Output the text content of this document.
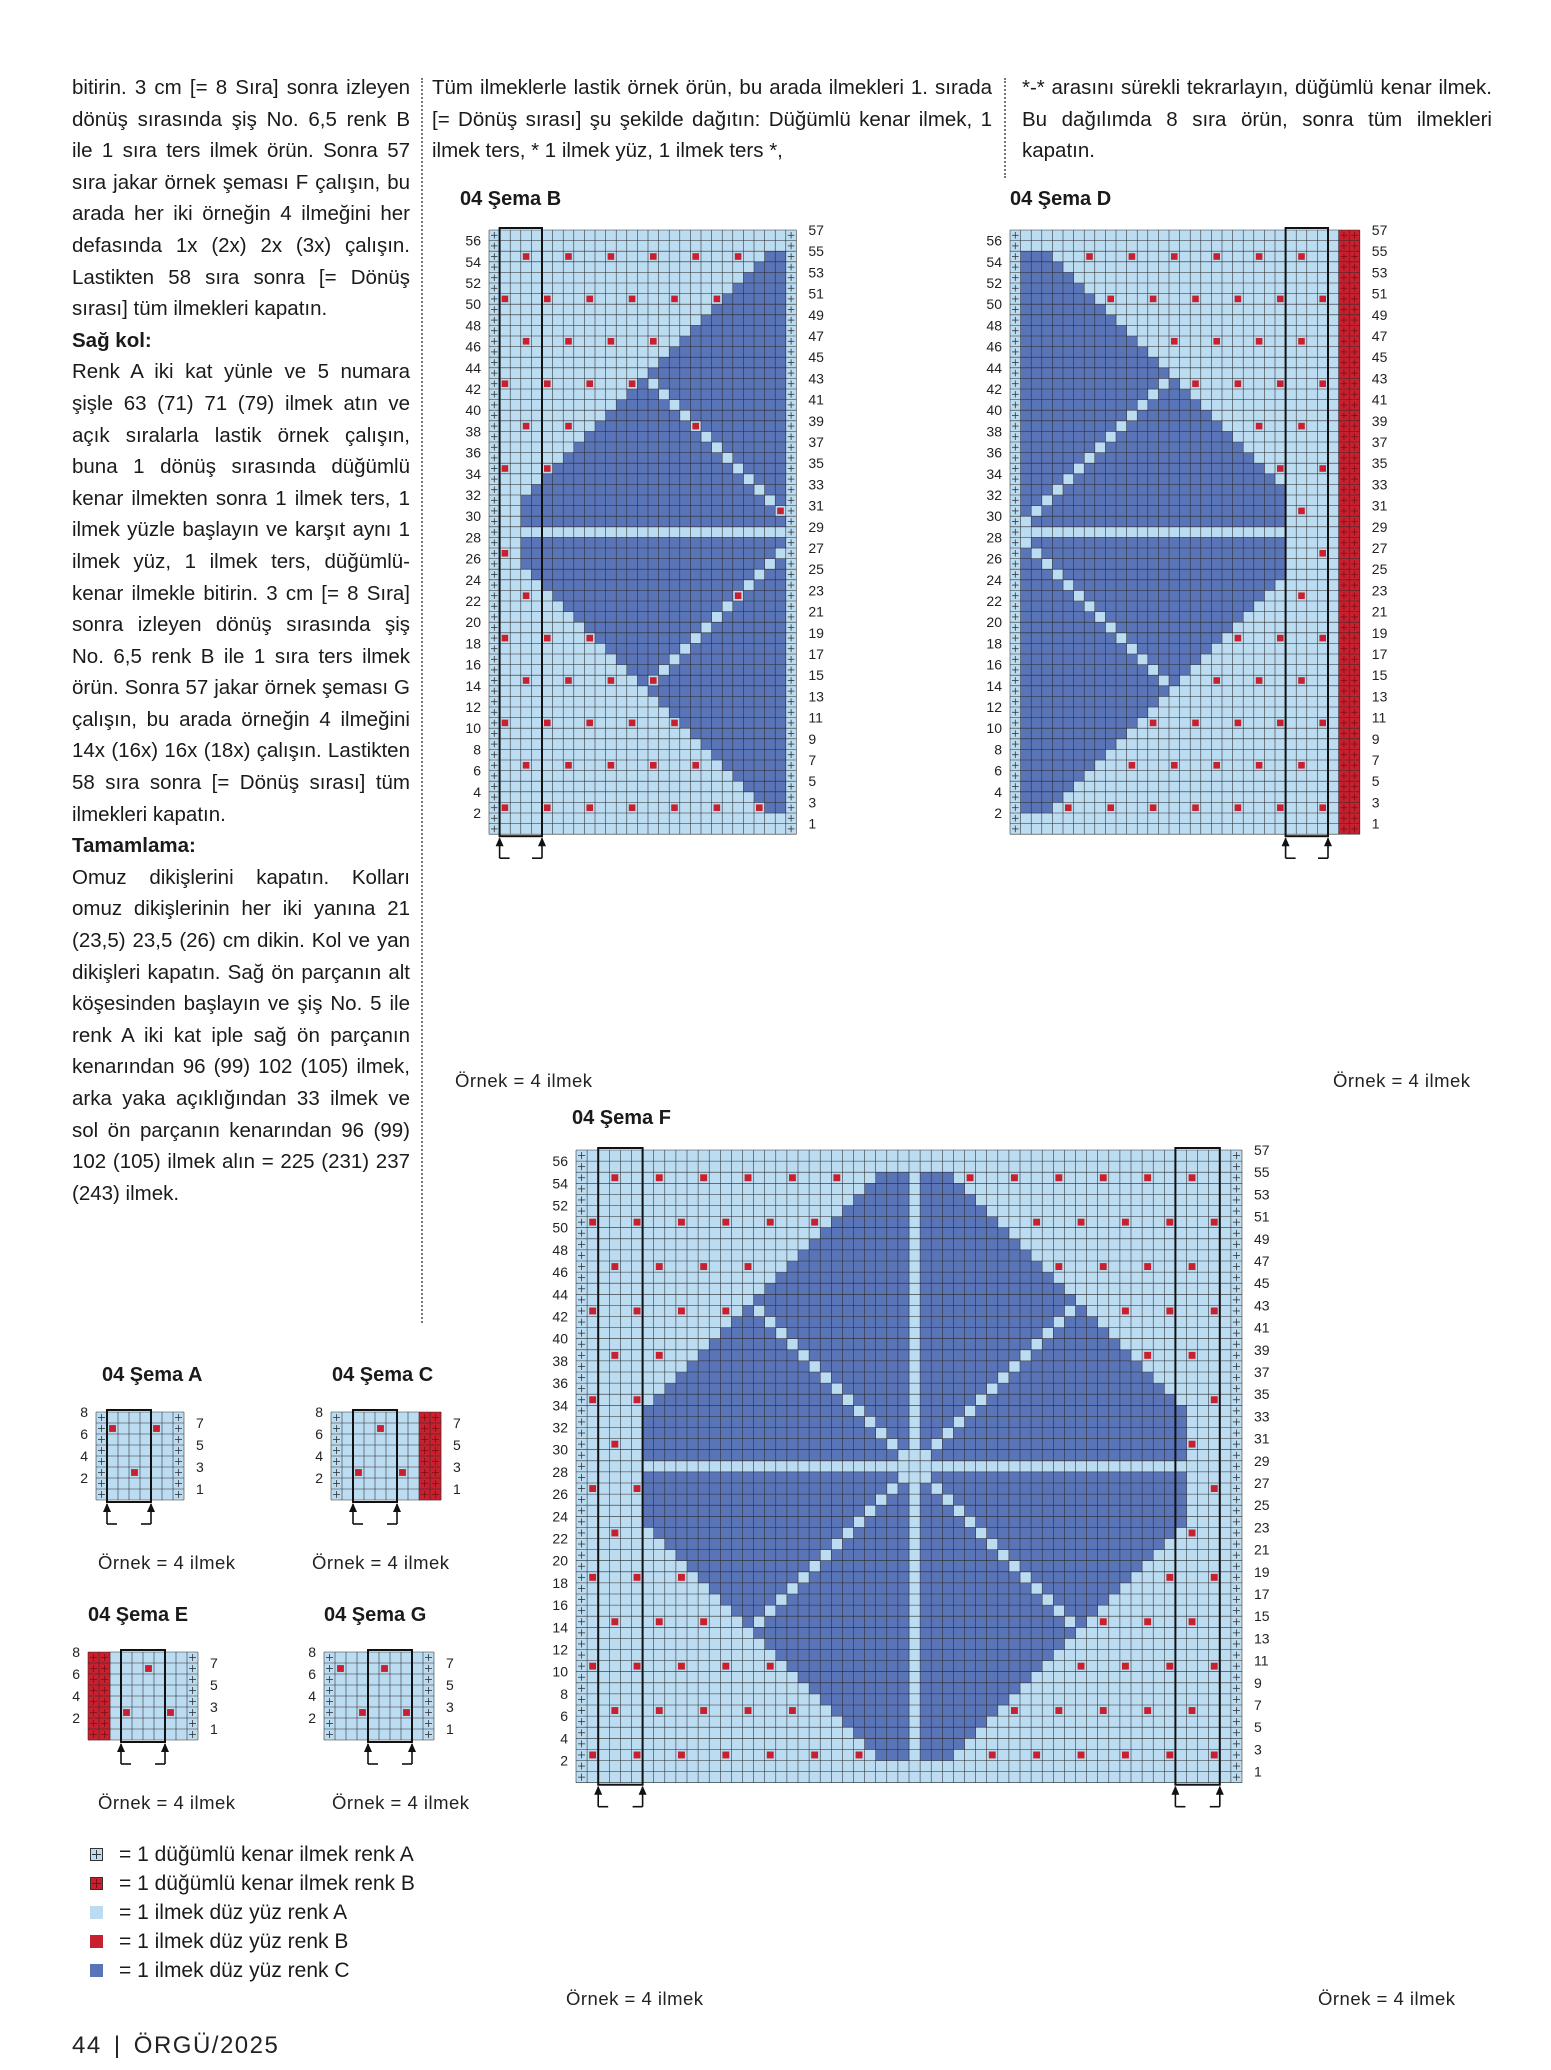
bitirin. 3 cm [= 8 Sıra] sonra izleyen dönüş sırasında şiş No. 6,5 renk B ile 1 sıra ters ilmek örün. Sonra 57 sıra jakar örnek şeması F çalışın, bu arada her iki örneğin 4 ilmeğini her defasında 1x (2x) 2x (3x) çalışın. Lastikten 58 sıra sonra [= Dönüş sırası] tüm ilmekleri kapatın.

Sağ kol:

Renk A iki kat yünle ve 5 numara şişle 63 (71) 71 (79) ilmek atın ve açık sıralarla lastik örnek çalışın, buna 1 dönüş sırasında düğümlü kenar ilmekten sonra 1 ilmek ters, 1 ilmek yüzle başlayın ve karşıt aynı 1 ilmek yüz, 1 ilmek ters, düğümlü-kenar ilmekle bitirin. 3 cm [= 8 Sıra] sonra izleyen dönüş sırasında şiş No. 6,5 renk B ile 1 sıra ters ilmek örün. Sonra 57 jakar örnek şeması G çalışın, bu arada örneğin 4 ilmeğini 14x (16x) 16x (18x) çalışın. Lastikten 58 sıra sonra [= Dönüş sırası] tüm ilmekleri kapatın.

Tamamlama:

Omuz dikişlerini kapatın. Kolları omuz dikişlerinin her iki yanına 21 (23,5) 23,5 (26) cm dikin. Kol ve yan dikişleri kapatın. Sağ ön parçanın alt köşesinden başlayın ve şiş No. 5 ile renk A iki kat iple sağ ön parçanın kenarından 96 (99) 102 (105) ilmek, arka yaka açıklığından 33 ilmek ve sol ön parçanın kenarından 96 (99) 102 (105) ilmek alın = 225 (231) 237 (243) ilmek.

Tüm ilmeklerle lastik örnek örün, bu arada ilmekleri 1. sırada [= Dönüş sırası] şu şekilde dağıtın: Düğümlü kenar ilmek, 1 ilmek ters, * 1 ilmek yüz, 1 ilmek ters *,

*-* arasını sürekli tekrarlayın, düğümlü kenar ilmek. Bu dağılımda 8 sıra örün, sonra tüm ilmekleri kapatın.

04 Şema B	04 Şema D
04 Şema F
04 Şema A	04 Şema C
04 Şema E	04 Şema G
1
2
3
4
5
6
7
8
9
10
11
12
13
14
15
16
17
18
19
20
21
22
23
24
25
26
27
28
29
30
31
32
33
34
35
36
37
38
39
40
41
42
43
44
45
46
47
48
49
50
51
52
53
54
55
56
57
1
2
3
4
5
6
7
8
9
10
11
12
13
14
15
16
17
18
19
20
21
22
23
24
25
26
27
28
29
30
31
32
33
34
35
36
37
38
39
40
41
42
43
44
45
46
47
48
49
50
51
52
53
54
55
56
57
1
2
3
4
5
6
7
8
9
10
11
12
13
14
15
16
17
18
19
20
21
22
23
24
25
26
27
28
29
30
31
32
33
34
35
36
37
38
39
40
41
42
43
44
45
46
47
48
49
50
51
52
53
54
55
56
57
1
2
3
4
5
6
7
8
1
2
3
4
5
6
7
8
1
2
3
4
5
6
7
8
1
2
3
4
5
6
7
8
Örnek = 4 ilmek	Örnek = 4 ilmek
Örnek = 4 ilmek	Örnek = 4 ilmek
Örnek = 4 ilmek	Örnek = 4 ilmek
Örnek = 4 ilmek	Örnek = 4 ilmek
= 1 düğümlü kenar ilmek renk A
= 1 düğümlü kenar ilmek renk B
= 1 ilmek düz yüz renk A
= 1 ilmek düz yüz renk B
= 1 ilmek düz yüz renk C
44 | ÖRGÜ/2025
